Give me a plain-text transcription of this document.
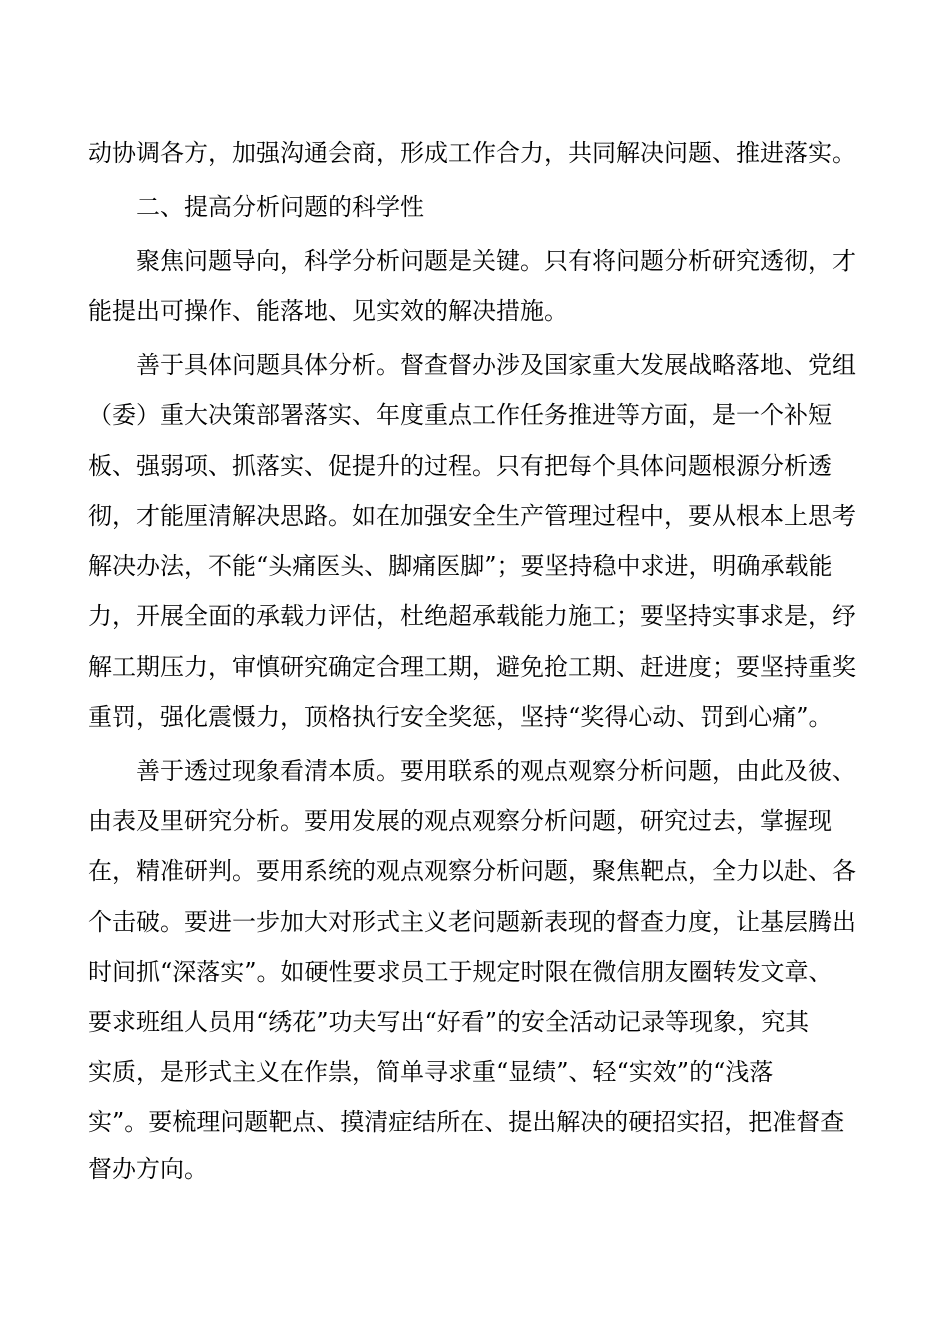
动协调各方，加强沟通会商，形成工作合力，共同解决问题、推进落实。
二、提高分析问题的科学性
聚焦问题导向，科学分析问题是关键。只有将问题分析研究透彻，才
能提出可操作、能落地、见实效的解决措施。
善于具体问题具体分析。督查督办涉及国家重大发展战略落地、党组
（委）重大决策部署落实、年度重点工作任务推进等方面，是一个补短
板、强弱项、抓落实、促提升的过程。只有把每个具体问题根源分析透
彻，才能厘清解决思路。如在加强安全生产管理过程中，要从根本上思考
解决办法，不能“头痛医头、脚痛医脚”；要坚持稳中求进，明确承载能
力，开展全面的承载力评估，杜绝超承载能力施工；要坚持实事求是，纾
解工期压力，审慎研究确定合理工期，避免抢工期、赶进度；要坚持重奖
重罚，强化震慑力，顶格执行安全奖惩，坚持“奖得心动、罚到心痛”。
善于透过现象看清本质。要用联系的观点观察分析问题，由此及彼、
由表及里研究分析。要用发展的观点观察分析问题，研究过去，掌握现
在，精准研判。要用系统的观点观察分析问题，聚焦靶点，全力以赴、各
个击破。要进一步加大对形式主义老问题新表现的督查力度，让基层腾出
时间抓“深落实”。如硬性要求员工于规定时限在微信朋友圈转发文章、
要求班组人员用“绣花”功夫写出“好看”的安全活动记录等现象，究其
实质，是形式主义在作祟，简单寻求重“显绩”、轻“实效”的“浅落
实”。要梳理问题靶点、摸清症结所在、提出解决的硬招实招，把准督查
督办方向。
